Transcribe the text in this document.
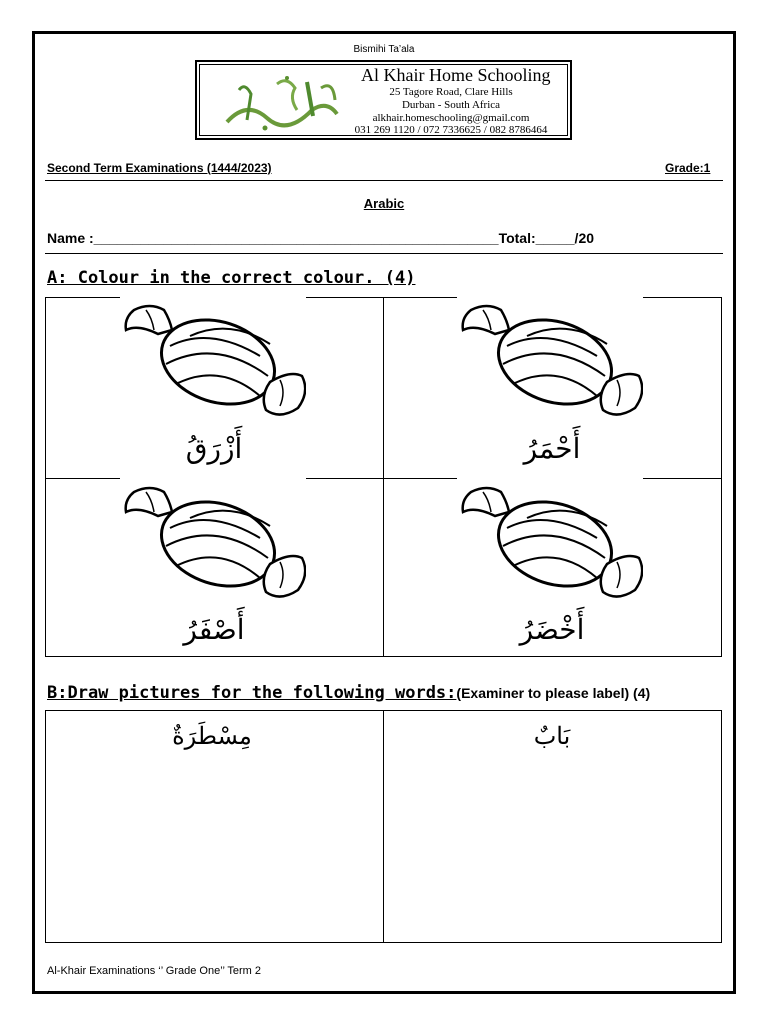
Bismihi Ta’ala
Al Khair Home Schooling
25 Tagore Road, Clare Hills
Durban - South Africa
alkhair.homeschooling@gmail.com
031 269 1120 / 072 7336625 / 082 8786464
Second Term Examinations (1444/2023)	Grade:1
Arabic
Name :____________________________________________________Total:_____/20
A: Colour in the correct colour. (4)
أَزْرَقُ	أَحْمَرُ
أَصْفَرُ	أَخْضَرُ
B:Draw pictures for the following words:(Examiner to please label) (4)
مِسْطَرَةٌ	بَابٌ
Al-Khair Examinations ‘’ Grade One’’ Term 2
